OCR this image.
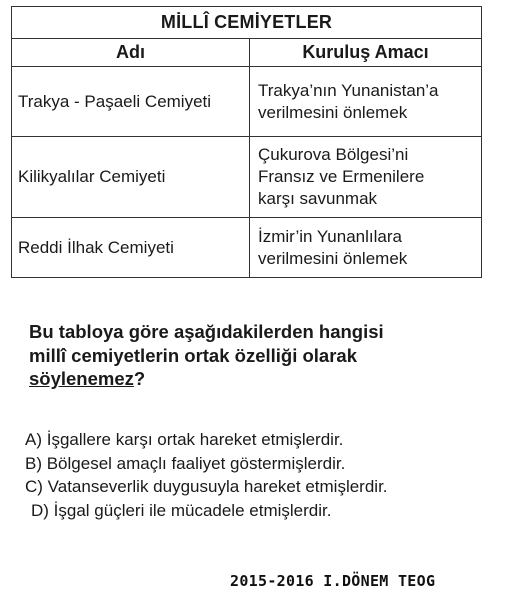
MİLLÎ CEMİYETLER	
Adı	Kuruluş Amacı
Trakya - Paşaeli Cemiyeti	Trakya’nın Yunanistan’a
verilmesini önlemek

Kilikyalılar Cemiyeti	Çukurova Bölgesi’ni
Fransız ve Ermenilere
karşı savunmak

Reddi İlhak Cemiyeti	İzmir’in Yunanlılara
verilmesini önlemek
Bu tabloya göre aşağıdakilerden hangisi
millî cemiyetlerin ortak özelliği olarak
söylenemez?
A) İşgallere karşı ortak hareket etmişlerdir.
B) Bölgesel amaçlı faaliyet göstermişlerdir.
C) Vatanseverlik duygusuyla hareket etmişlerdir.
D) İşgal güçleri ile mücadele etmişlerdir.
2015-2016 I.DÖNEM TEOG
